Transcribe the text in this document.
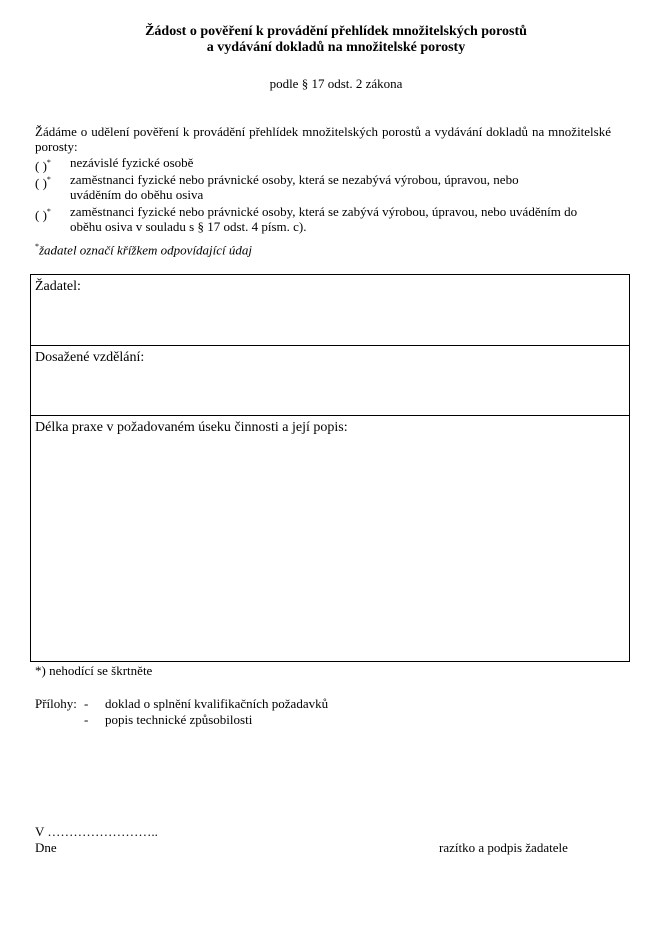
Žádost o pověření k provádění přehlídek množitelských porostů
a vydávání dokladů na množitelské porosty
podle § 17 odst. 2 zákona
Žádáme o udělení pověření k provádění přehlídek množitelských porostů a vydávání dokladů na množitelské porosty:
( )* nezávislé fyzické osobě
( )* zaměstnanci fyzické nebo právnické osoby, která se nezabývá výrobou, úpravou, nebo uváděním do oběhu osiva
( )* zaměstnanci fyzické nebo právnické osoby, která se zabývá výrobou, úpravou, nebo uváděním do oběhu osiva v souladu s § 17 odst. 4 písm. c).
*žadatel označí křížkem odpovídající údaj
Žadatel:
Dosažené vzdělání:
Délka praxe v požadovaném úseku činnosti a její popis:
*) nehodící se škrtněte
Přílohy: - doklad o splnění kvalifikačních požadavků
- popis technické způsobilosti
V ……………………..
Dne	razítko a podpis žadatele
